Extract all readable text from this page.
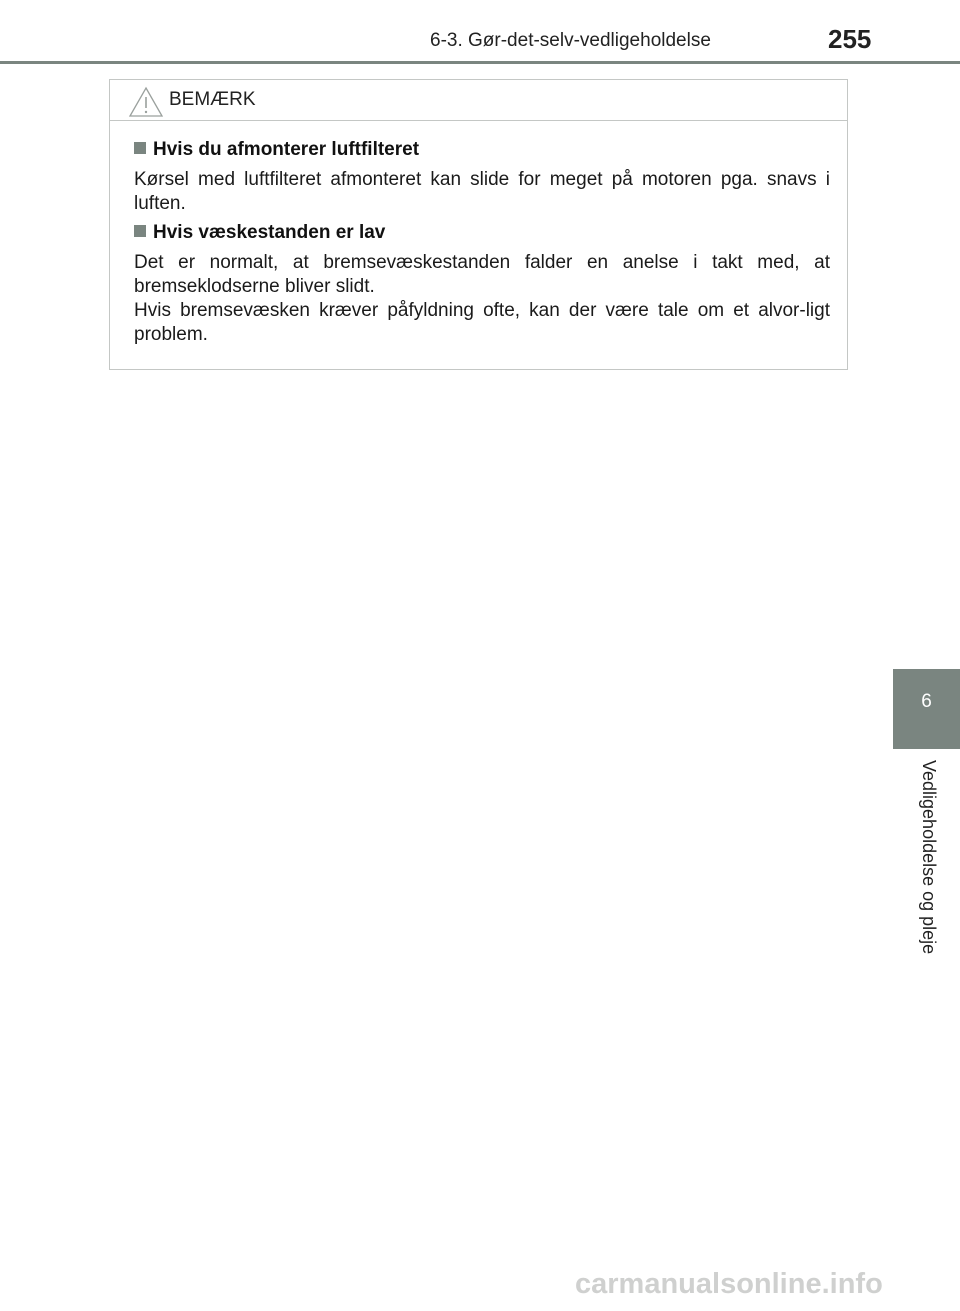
6-3. Gør-det-selv-vedligeholdelse	255
BEMÆRK
Hvis du afmonterer luftfilteret
Kørsel med luftfilteret afmonteret kan slide for meget på motoren pga. snavs i luften.
Hvis væskestanden er lav
Det er normalt, at bremsevæskestanden falder en anelse i takt med, at bremseklodserne bliver slidt.
Hvis bremsevæsken kræver påfyldning ofte, kan der være tale om et alvor-ligt problem.
6
Vedligeholdelse og pleje
carmanualsonline.info
